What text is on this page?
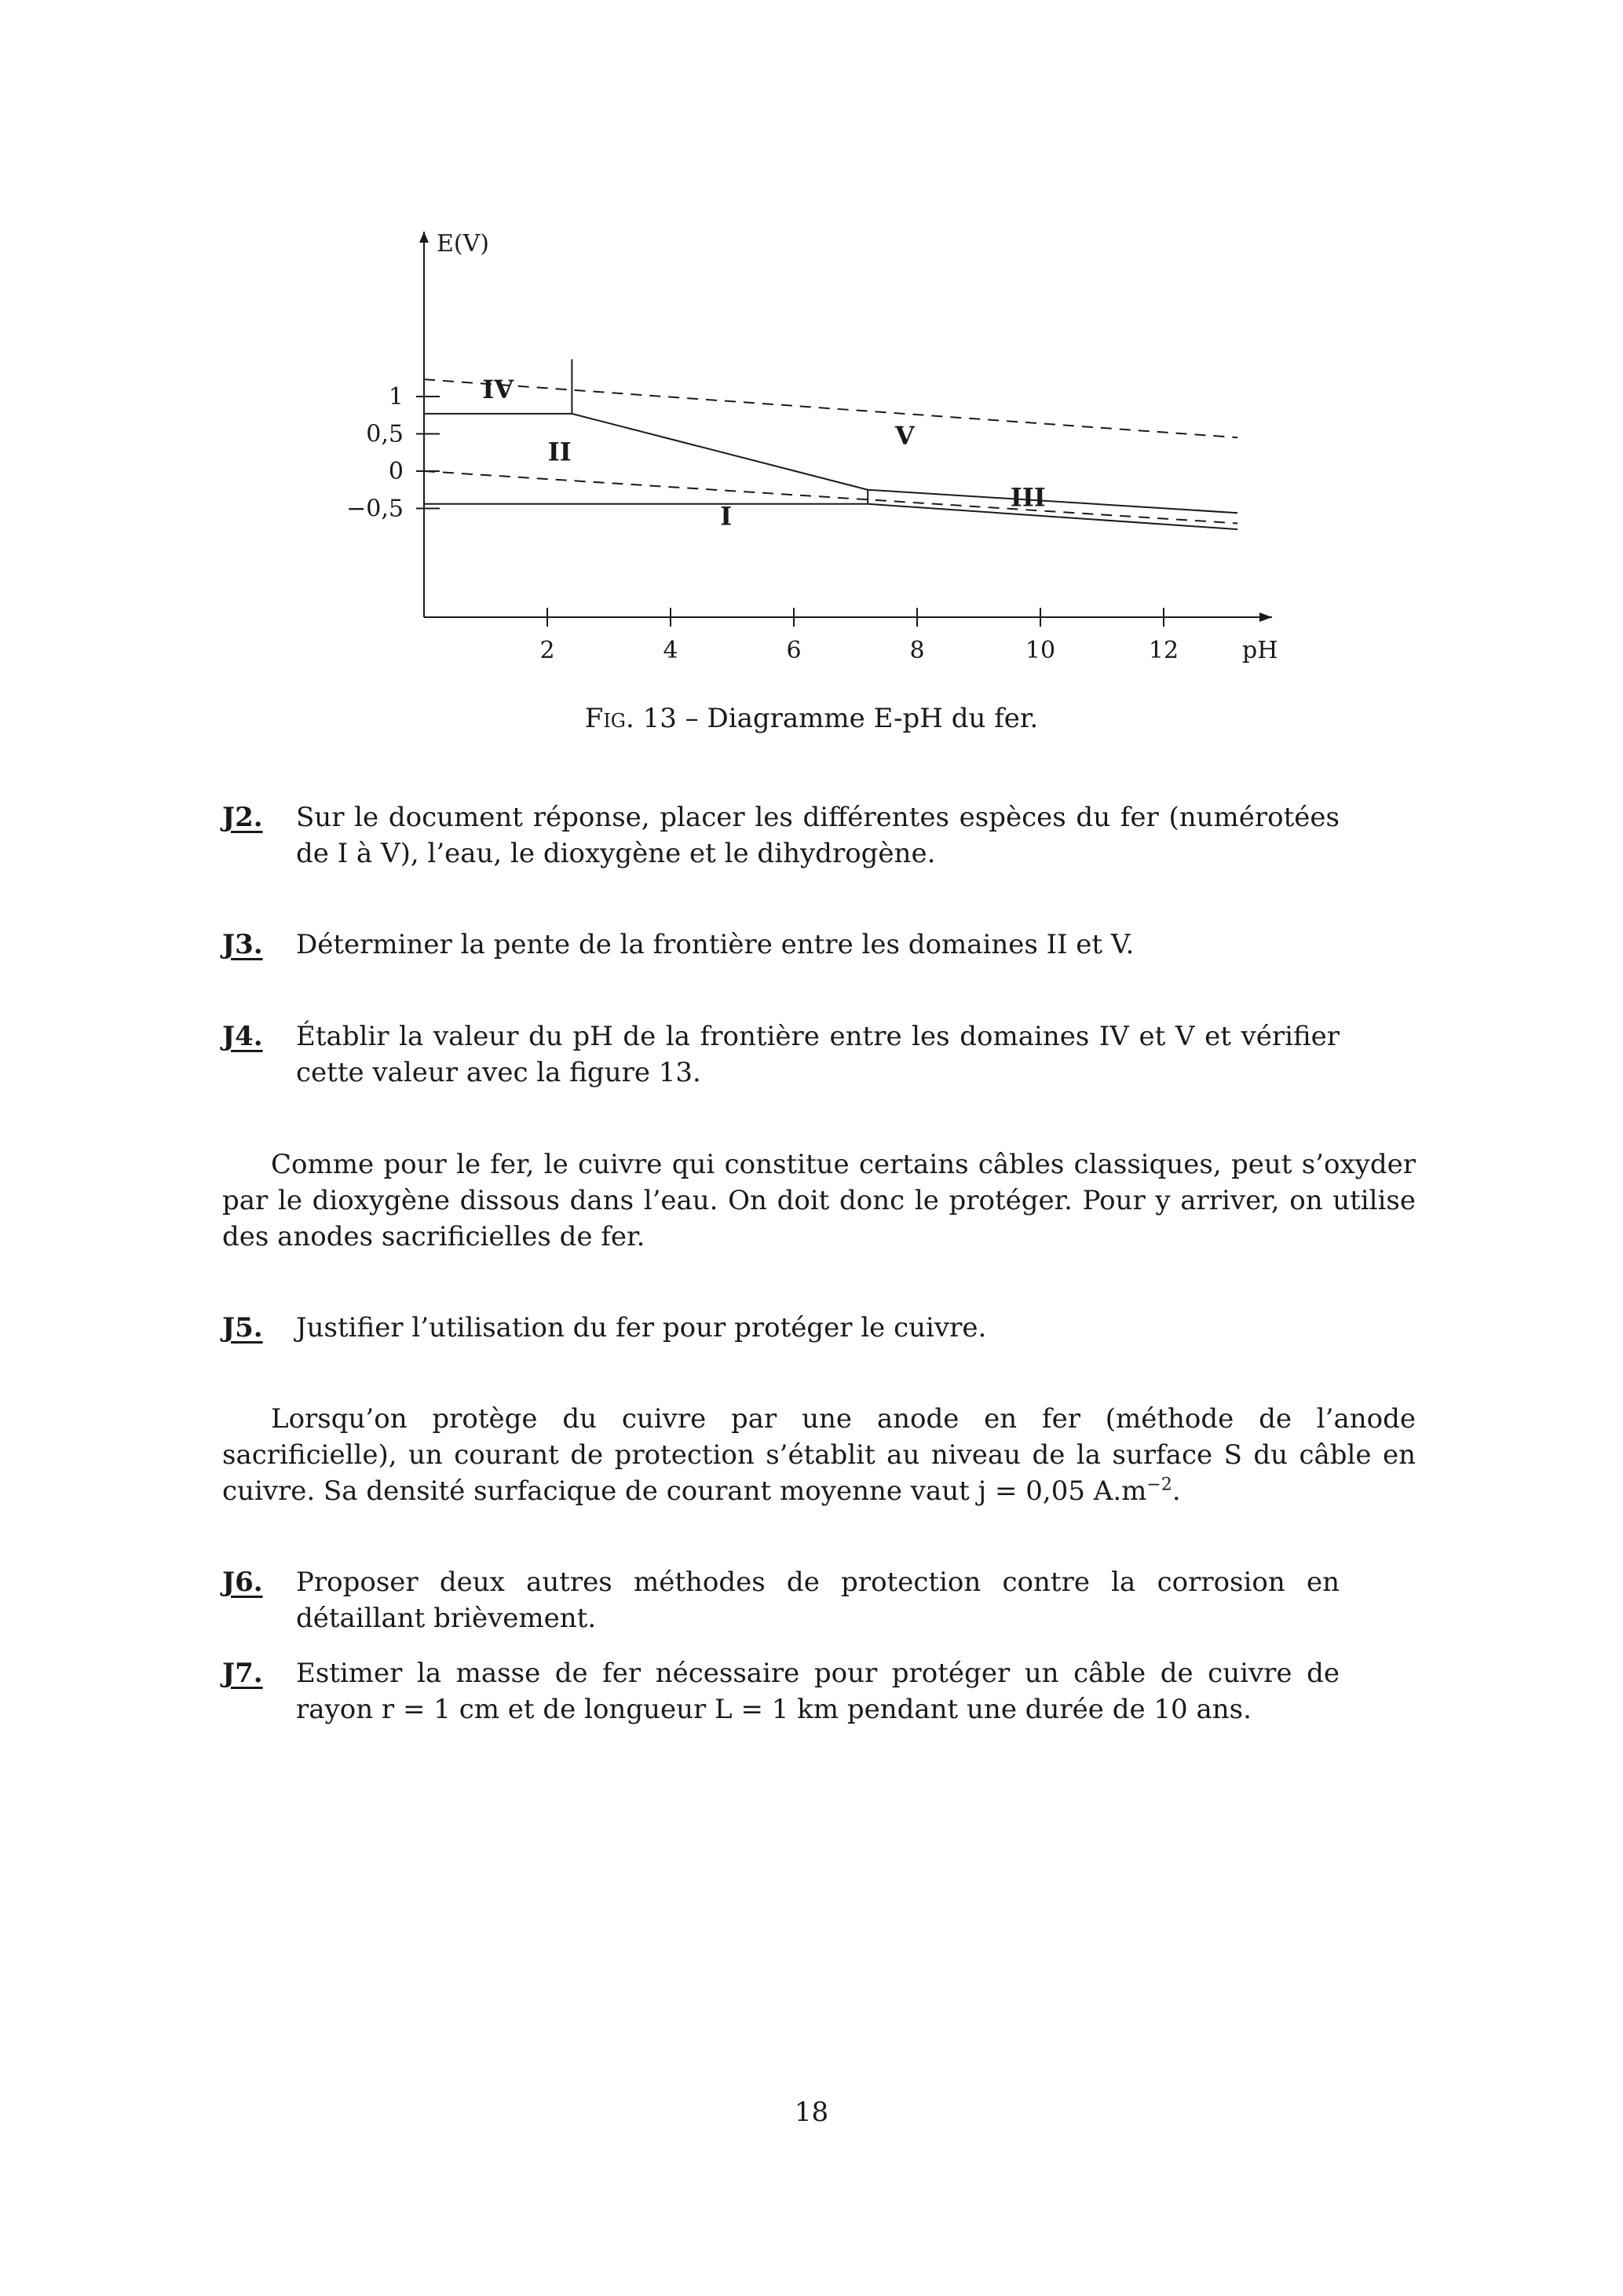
E(V)
pH
2	4	6	8	10	12
1
0,5
0
−0,5
IV
II
V
I
III
Fig. 13 – Diagramme E-pH du fer.
J2. Sur le document réponse, placer les différentes espèces du fer (numérotées de I à V), l’eau, le dioxygène et le dihydrogène.
J3. Déterminer la pente de la frontière entre les domaines II et V.
J4. Établir la valeur du pH de la frontière entre les domaines IV et V et vérifier cette valeur avec la figure 13.
Comme pour le fer, le cuivre qui constitue certains câbles classiques, peut s’oxyder par le dioxygène dissous dans l’eau. On doit donc le protéger. Pour y arriver, on utilise des anodes sacrificielles de fer.
J5. Justifier l’utilisation du fer pour protéger le cuivre.
Lorsqu’on protège du cuivre par une anode en fer (méthode de l’anode sacrificielle), un courant de protection s’établit au niveau de la surface S du câble en cuivre. Sa densité surfacique de courant moyenne vaut j = 0,05 $A.m^{-2}$.
J6. Proposer deux autres méthodes de protection contre la corrosion en détaillant brièvement.
J7. Estimer la masse de fer nécessaire pour protéger un câble de cuivre de rayon r = 1 cm et de longueur L = 1 km pendant une durée de 10 ans.
18
